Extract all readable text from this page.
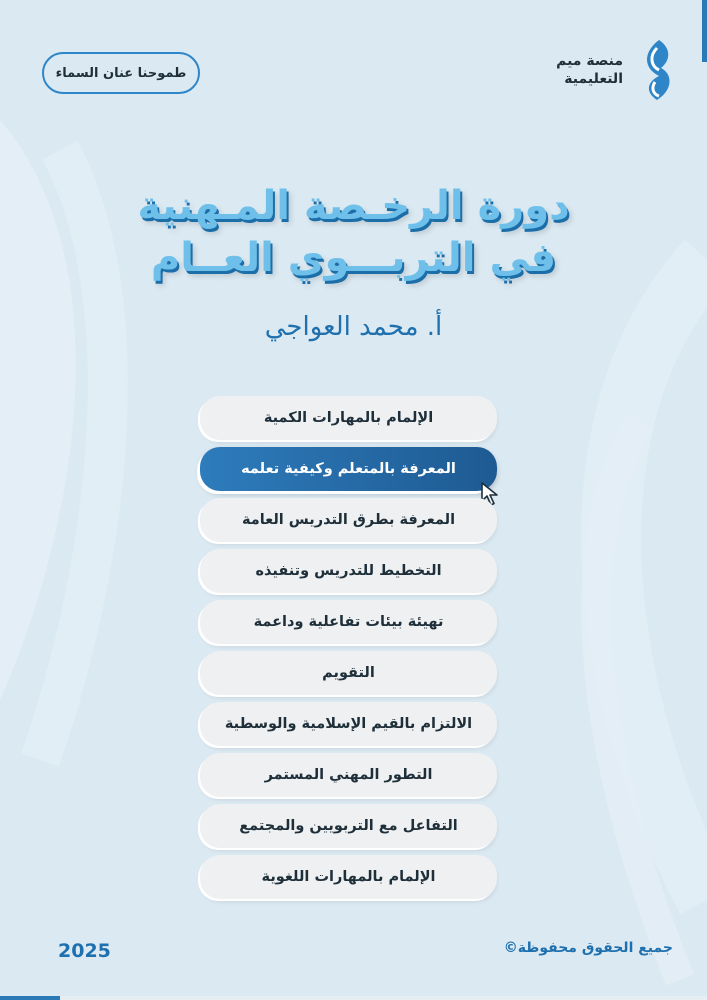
منصة ميم
التعليمية
طموحنا عنان السماء
دورة الرخـصة المـهنية
في التربـــوي العــام
أ. محمد العواجي
الإلمام بالمهارات الكمية
المعرفة بالمتعلم وكيفية تعلمه
المعرفة بطرق التدريس العامة
التخطيط للتدريس وتنفيذه
تهيئة بيئات تفاعلية وداعمة
التقويم
الالتزام بالقيم الإسلامية والوسطية
التطور المهني المستمر
التفاعل مع التربويين والمجتمع
الإلمام بالمهارات اللغوية
2025	جميع الحقوق محفوظة©
